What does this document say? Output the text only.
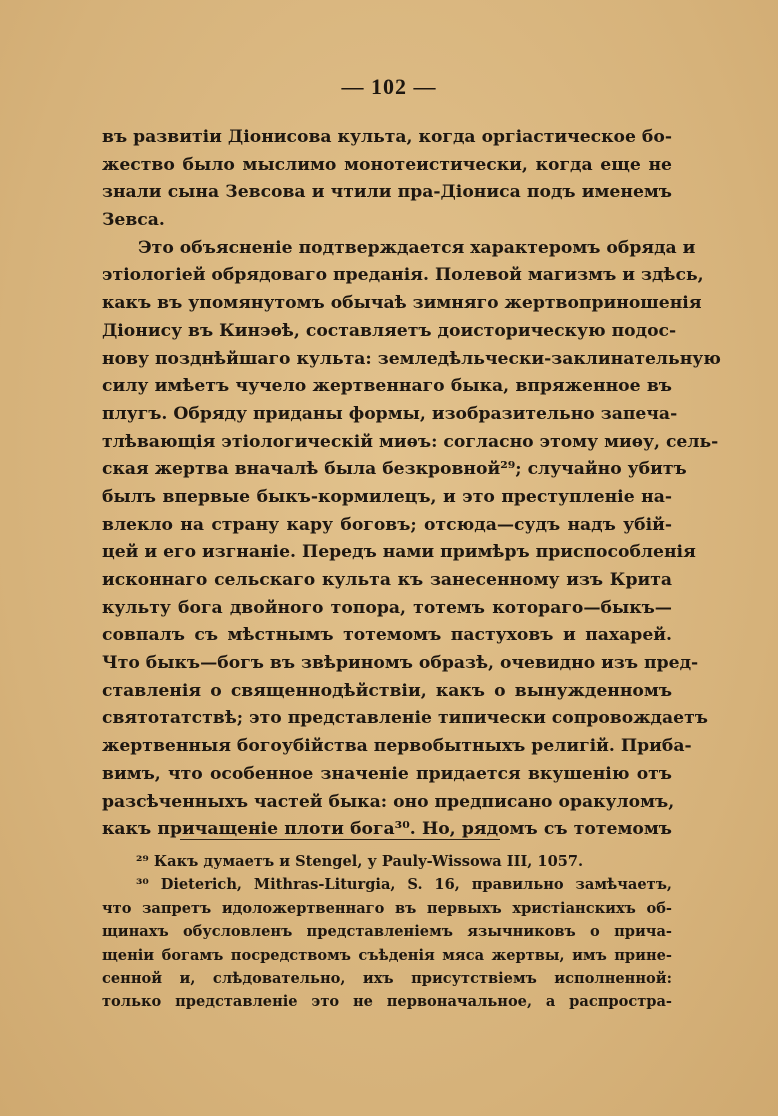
— 102 —
въ развитіи Діонисова культа, когда оргіастическое бо-
жество было мыслимо монотеистически, когда еще не
знали сына Зевсова и чтили пра-Діониса подъ именемъ
Зевса.
Это объясненіе подтверждается характеромъ обряда и
этіологіей обрядоваго преданія. Полевой магизмъ и здѣсь,
какъ въ упомянутомъ обычаѣ зимняго жертвоприношенія
Діонису въ Кинэѳѣ, составляетъ доисторическую подос-
нову позднѣйшаго культа: земледѣльчески-заклинательную
силу имѣетъ чучело жертвеннаго быка, впряженное въ
плугъ. Обряду приданы формы, изобразительно запеча-
тлѣвающія этіологическій миѳъ: согласно этому миѳу, сель-
ская жертва вначалѣ была безкровной²⁹; случайно убитъ
былъ впервые быкъ-кормилецъ, и это преступленіе на-
влекло на страну кару боговъ; отсюда—судъ надъ убій-
цей и его изгнаніе. Передъ нами примѣръ приспособленія
исконнаго сельскаго культа къ занесенному изъ Крита
культу бога двойного топора, тотемъ котораго—быкъ—
совпалъ съ мѣстнымъ тотемомъ пастуховъ и пахарей.
Что быкъ—богъ въ звѣриномъ образѣ, очевидно изъ пред-
ставленія о священнодѣйствіи, какъ о вынужденномъ
святотатствѣ; это представленіе типически сопровождаетъ
жертвенныя богоубійства первобытныхъ религій. Приба-
вимъ, что особенное значеніе придается вкушенію отъ
разсѣченныхъ частей быка: оно предписано оракуломъ,
какъ причащеніе плоти бога³⁰. Но, рядомъ съ тотемомъ
²⁹ Какъ думаетъ и Stengel, у Pauly-Wissowa III, 1057.
³⁰ Dieterich, Mithras-Liturgia, S. 16, правильно замѣчаетъ,
что запретъ идоложертвеннаго въ первыхъ христіанскихъ об-
щинахъ обусловленъ представленіемъ язычниковъ о прича-
щеніи богамъ посредствомъ съѣденія мяса жертвы, имъ прине-
сенной и, слѣдовательно, ихъ присутствіемъ исполненной:
только представленіе это не первоначальное, а распростра-
